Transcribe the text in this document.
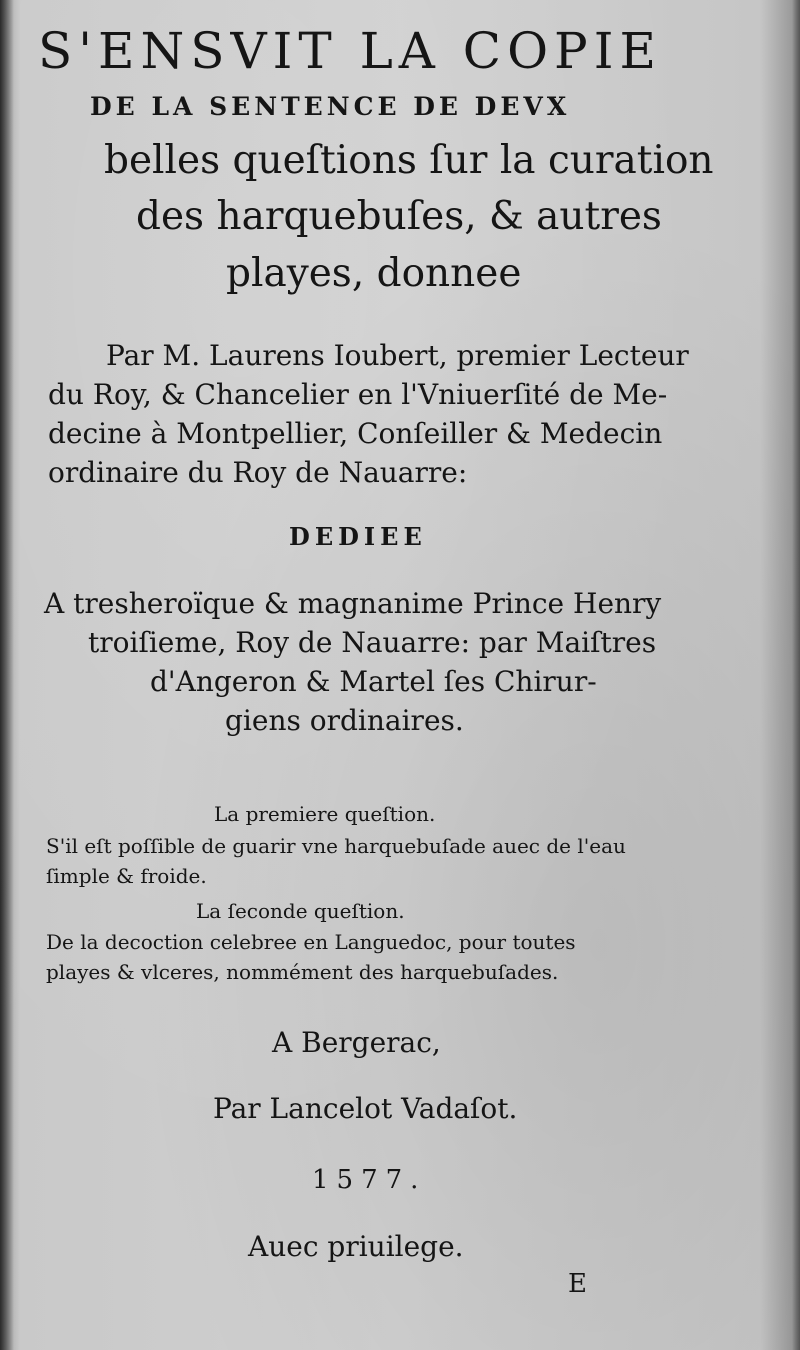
S'ENSVIT LA COPIE
DE LA SENTENCE DE DEVX
belles queſtions ſur la curation
des harquebuſes, & autres
playes, donnee
Par M. Laurens Ioubert, premier Lecteur
du Roy, & Chancelier en l'Vniuerſité de Me-
decine à Montpellier, Conſeiller & Medecin
ordinaire du Roy de Nauarre:
DEDIEE
A tresheroïque & magnanime Prince Henry
troiſieme, Roy de Nauarre: par Maiſtres
d'Angeron & Martel ſes Chirur-
giens ordinaires.
La premiere queſtion.
S'il eſt poſſible de guarir vne harquebuſade auec de l'eau
ſimple & froide.
La ſeconde queſtion.
De la decoction celebree en Languedoc, pour toutes
playes & vlceres, nommément des harquebuſades.
A Bergerac,
Par Lancelot Vadaſot.
1577.
Auec priuilege.
E
